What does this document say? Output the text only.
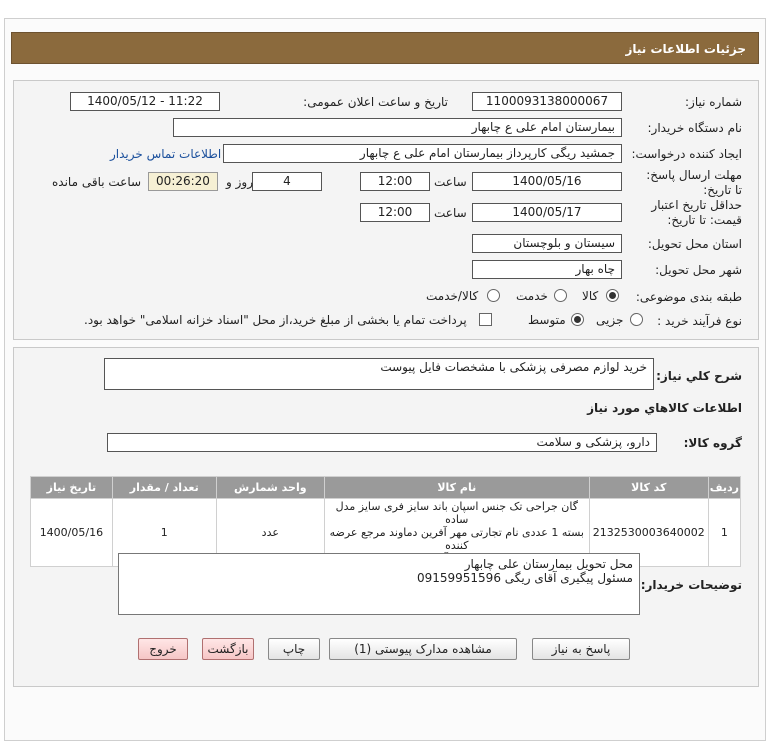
جزئیات اطلاعات نیاز
شماره نیاز:
1100093138000067
تاریخ و ساعت اعلان عمومی:
1400/05/12 - 11:22
نام دستگاه خریدار:
بیمارستان امام علی ع چابهار
ایجاد کننده درخواست:
جمشید ریگی کارپرداز بیمارستان امام علی ع چابهار
اطلاعات تماس خریدار
مهلت ارسال پاسخ: تا تاریخ:
1400/05/16
ساعت
12:00
4
روز و
00:26:20
ساعت باقی مانده
حداقل تاریخ اعتبار قیمت: تا تاریخ:
1400/05/17
ساعت
12:00
استان محل تحویل:
سیستان و بلوچستان
شهر محل تحویل:
چاه بهار
طبقه بندی موضوعی:
کالا
خدمت
کالا/خدمت
نوع فرآیند خرید :
جزیی
متوسط
پرداخت تمام یا بخشی از مبلغ خرید،از محل "اسناد خزانه اسلامی" خواهد بود.
شرح کلي نياز:
خرید لوازم مصرفی پزشکی با مشخصات فایل پیوست
اطلاعات کالاهاي مورد نياز
گروه کالا:
دارو، پزشکی و سلامت
ردیف	کد کالا	نام کالا	واحد شمارش	تعداد / مقدار	تاریخ نیاز
1	2132530003640002	گان جراحی تک جنس اسپان باند سایز فری سایز مدل ساده
بسته 1 عددی نام تجارتی مهر آفرین دماوند مرجع عرضه کننده	عدد	1	1400/05/16
توضیحات خریدار:
محل تحویل بیمارستان علی چابهار
مسئول پیگیری آقای ریگی 09159951596
پاسخ به نیاز
مشاهده مدارک پیوستی (1)
چاپ
بازگشت
خروج
